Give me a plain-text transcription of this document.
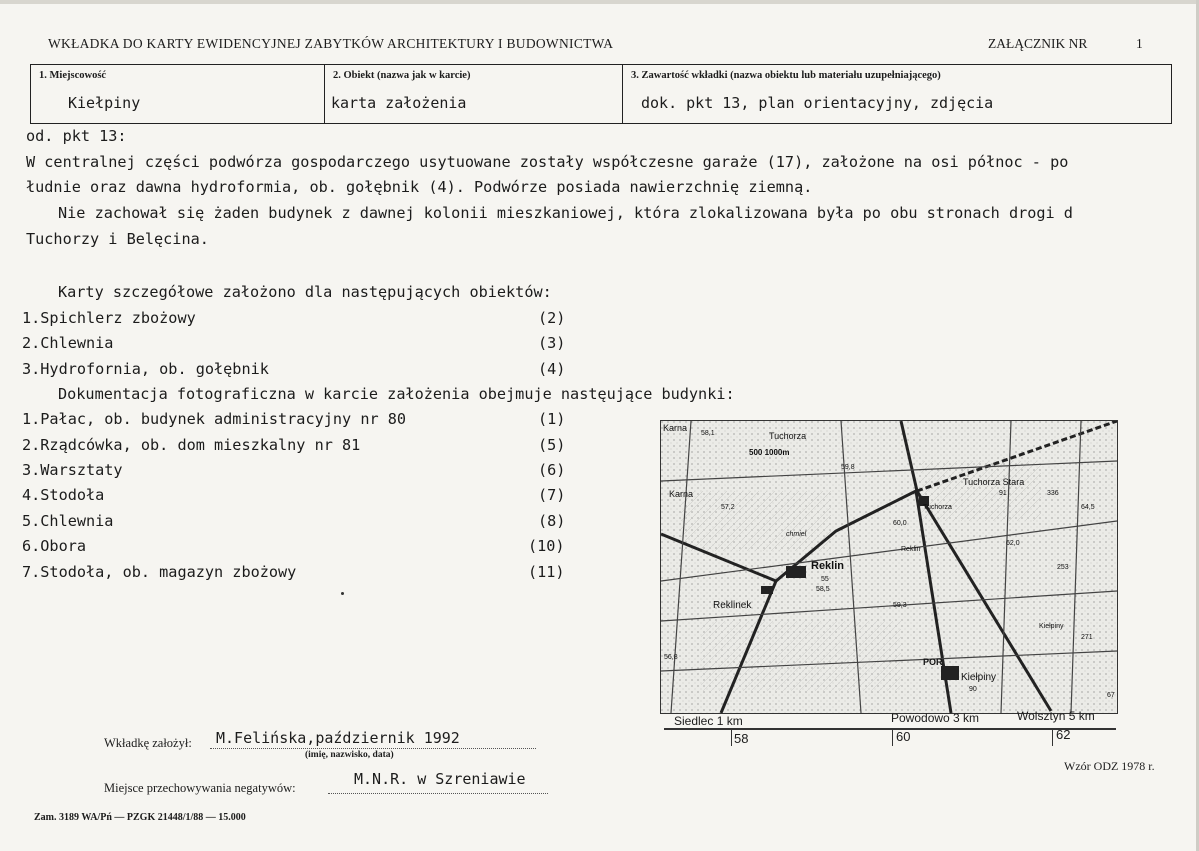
WKŁADKA DO KARTY EWIDENCYJNEJ ZABYTKÓW ARCHITEKTURY I BUDOWNICTWA	ZAŁĄCZNIK NR	1
1. Miejscowość
Kiełpiny
2. Obiekt (nazwa jak w karcie)
karta założenia
3. Zawartość wkładki (nazwa obiektu lub materiału uzupełniającego)
dok. pkt 13, plan orientacyjny, zdjęcia
od. pkt 13:
W centralnej części podwórza gospodarczego usytuowane zostały współczesne garaże (17), założone na osi północ - po
łudnie oraz dawna hydroformia, ob. gołębnik (4). Podwórze posiada nawierzchnię ziemną.
Nie zachował się żaden budynek z dawnej kolonii mieszkaniowej, która zlokalizowana była po obu stronach drogi d
Tuchorzy i Belęcina.
Karty szczegółowe założono dla następujących obiektów:
1.Spichlerz zbożowy	(2)
2.Chlewnia	(3)
3.Hydrofornia, ob. gołębnik	(4)
Dokumentacja fotograficzna w karcie założenia obejmuje nastęujące budynki:
1.Pałac, ob. budynek administracyjny nr 80	(1)
2.Rządcówka, ob. dom mieszkalny nr 81	(5)
3.Warsztaty	(6)
4.Stodoła	(7)
5.Chlewnia	(8)
6.Obora	(10)
7.Stodoła, ob. magazyn zbożowy	(11)
Karna
Karna
Tuchorza
Tuchorza Stara
Tuchorza
Reklin
Reklin
Reklinek
chmiel
Kiełpiny
Kiełpiny
POR
500 1000m
58,1
59,8
60,0
62,0
57,2
58,5
59,3
56,8
64,5
55
90
91	336
253
271
67
Siedlec 1 km	Powodowo 3 km	Wolsztyn 5 km
58	60	62
Wkładkę założył: M.Felińska,październik 1992
(imię, nazwisko, data)
Miejsce przechowywania negatywów:	M.N.R. w Szreniawie
Wzór ODZ 1978 r.
Zam. 3189 WA/Pń — PZGK 21448/1/88 — 15.000
